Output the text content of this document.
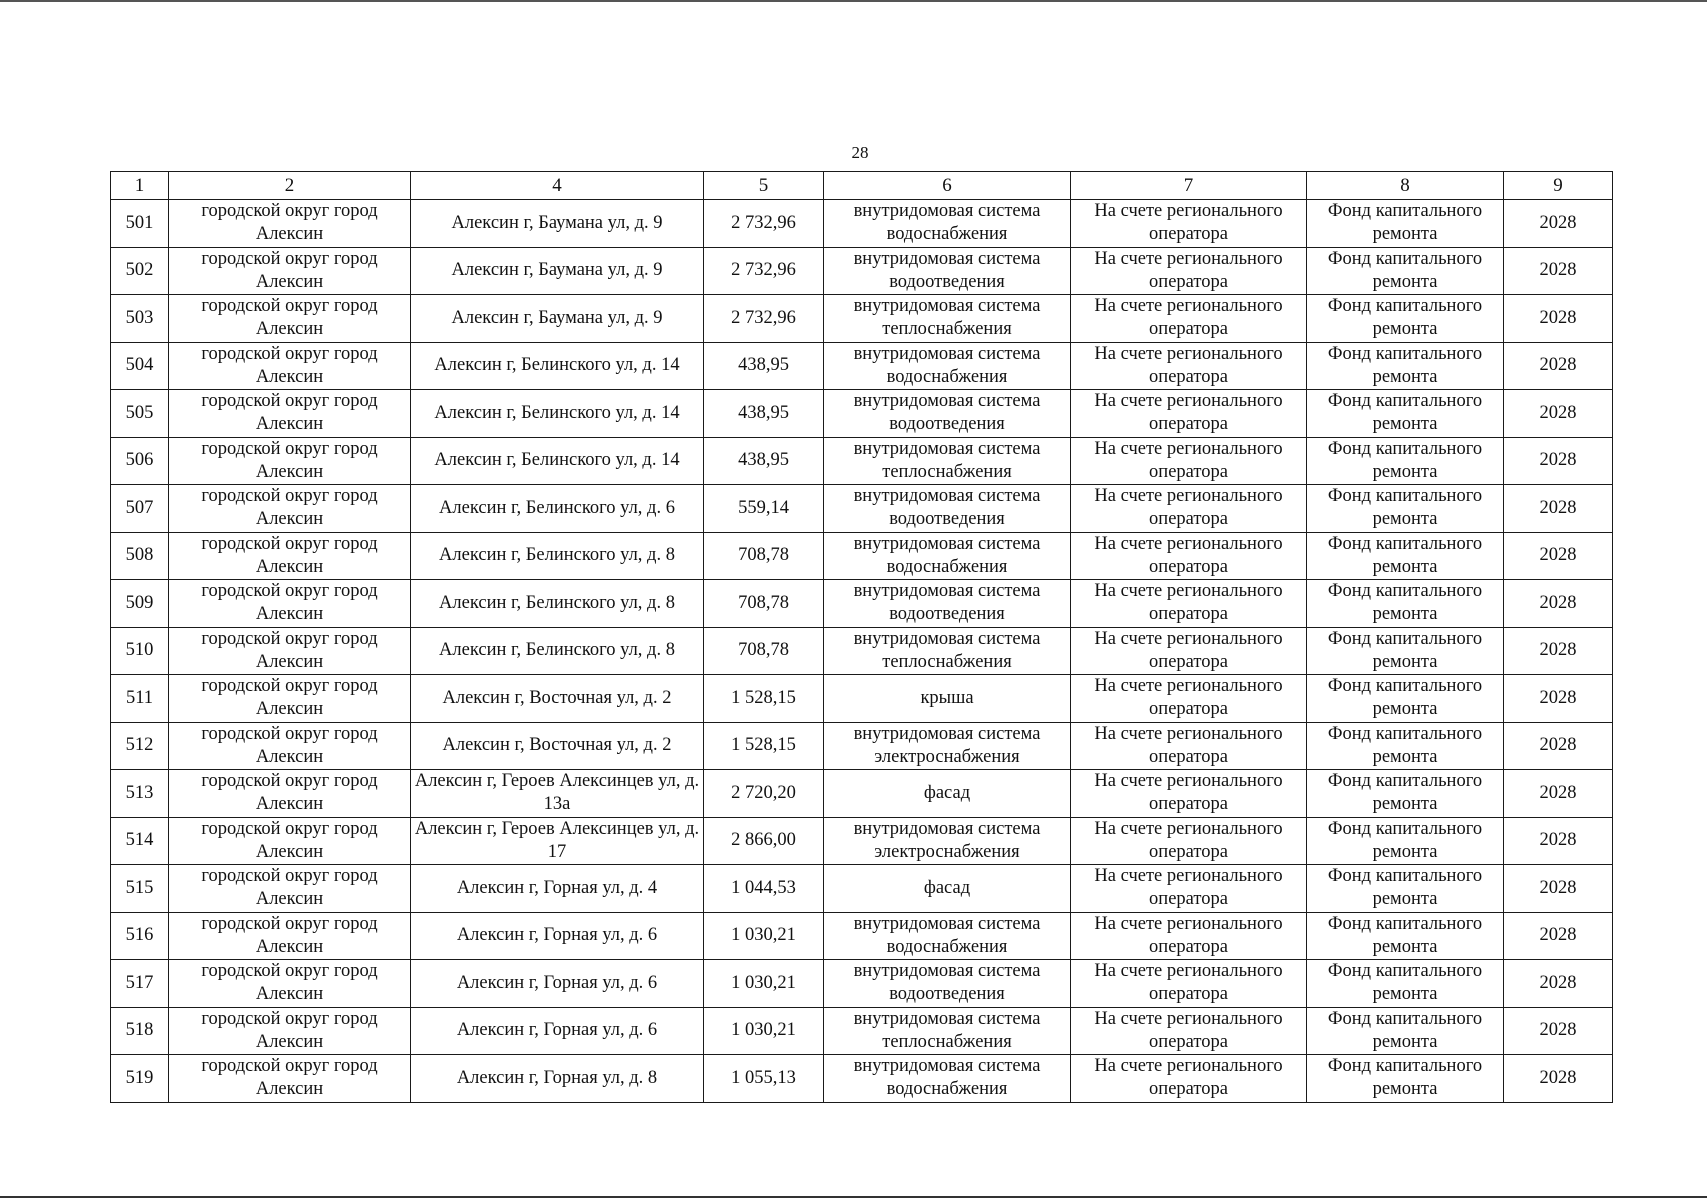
28
1	2	4	5	6	7	8	9
501	городской округ город Алексин	Алексин г, Баумана ул, д. 9	2 732,96	внутридомовая система водоснабжения	На счете регионального оператора	Фонд капитального ремонта	2028
502	городской округ город Алексин	Алексин г, Баумана ул, д. 9	2 732,96	внутридомовая система водоотведения	На счете регионального оператора	Фонд капитального ремонта	2028
503	городской округ город Алексин	Алексин г, Баумана ул, д. 9	2 732,96	внутридомовая система теплоснабжения	На счете регионального оператора	Фонд капитального ремонта	2028
504	городской округ город Алексин	Алексин г, Белинского ул, д. 14	438,95	внутридомовая система водоснабжения	На счете регионального оператора	Фонд капитального ремонта	2028
505	городской округ город Алексин	Алексин г, Белинского ул, д. 14	438,95	внутридомовая система водоотведения	На счете регионального оператора	Фонд капитального ремонта	2028
506	городской округ город Алексин	Алексин г, Белинского ул, д. 14	438,95	внутридомовая система теплоснабжения	На счете регионального оператора	Фонд капитального ремонта	2028
507	городской округ город Алексин	Алексин г, Белинского ул, д. 6	559,14	внутридомовая система водоотведения	На счете регионального оператора	Фонд капитального ремонта	2028
508	городской округ город Алексин	Алексин г, Белинского ул, д. 8	708,78	внутридомовая система водоснабжения	На счете регионального оператора	Фонд капитального ремонта	2028
509	городской округ город Алексин	Алексин г, Белинского ул, д. 8	708,78	внутридомовая система водоотведения	На счете регионального оператора	Фонд капитального ремонта	2028
510	городской округ город Алексин	Алексин г, Белинского ул, д. 8	708,78	внутридомовая система теплоснабжения	На счете регионального оператора	Фонд капитального ремонта	2028
511	городской округ город Алексин	Алексин г, Восточная ул, д. 2	1 528,15	крыша	На счете регионального оператора	Фонд капитального ремонта	2028
512	городской округ город Алексин	Алексин г, Восточная ул, д. 2	1 528,15	внутридомовая система электроснабжения	На счете регионального оператора	Фонд капитального ремонта	2028
513	городской округ город Алексин	Алексин г, Героев Алексинцев ул, д. 13а	2 720,20	фасад	На счете регионального оператора	Фонд капитального ремонта	2028
514	городской округ город Алексин	Алексин г, Героев Алексинцев ул, д. 17	2 866,00	внутридомовая система электроснабжения	На счете регионального оператора	Фонд капитального ремонта	2028
515	городской округ город Алексин	Алексин г, Горная ул, д. 4	1 044,53	фасад	На счете регионального оператора	Фонд капитального ремонта	2028
516	городской округ город Алексин	Алексин г, Горная ул, д. 6	1 030,21	внутридомовая система водоснабжения	На счете регионального оператора	Фонд капитального ремонта	2028
517	городской округ город Алексин	Алексин г, Горная ул, д. 6	1 030,21	внутридомовая система водоотведения	На счете регионального оператора	Фонд капитального ремонта	2028
518	городской округ город Алексин	Алексин г, Горная ул, д. 6	1 030,21	внутридомовая система теплоснабжения	На счете регионального оператора	Фонд капитального ремонта	2028
519	городской округ город Алексин	Алексин г, Горная ул, д. 8	1 055,13	внутридомовая система водоснабжения	На счете регионального оператора	Фонд капитального ремонта	2028
